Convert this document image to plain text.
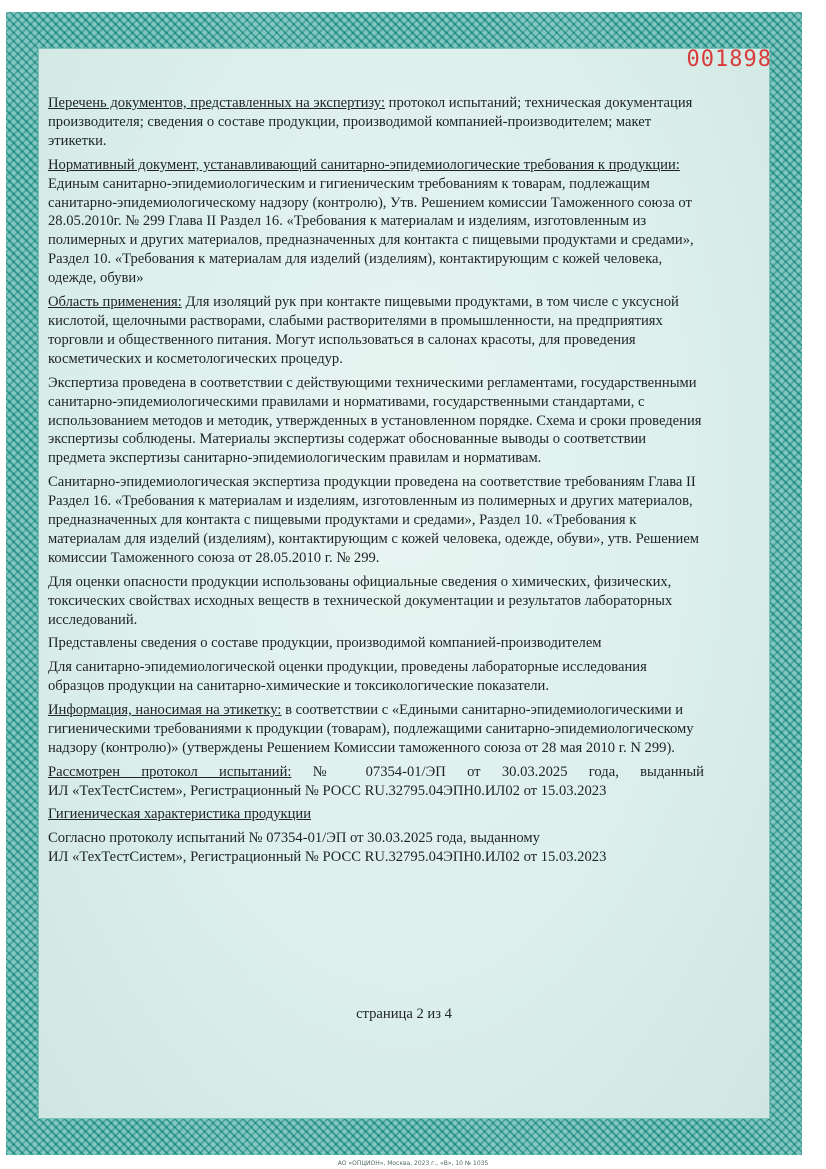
001898

Перечень документов, представленных на экспертизу: протокол испытаний; техническая документация производителя; сведения о составе продукции, производимой компанией-производителем; макет этикетки.

Нормативный документ, устанавливающий санитарно-эпидемиологические требования к продукции: Единым санитарно-эпидемиологическим и гигиеническим требованиям к товарам, подлежащим санитарно-эпидемиологическому надзору (контролю), Утв. Решением комиссии Таможенного союза от 28.05.2010г. № 299 Глава II Раздел 16. «Требования к материалам и изделиям, изготовленным из полимерных и других материалов, предназначенных для контакта с пищевыми продуктами и средами», Раздел 10. «Требования к материалам для изделий (изделиям), контактирующим с кожей человека, одежде, обуви»

Область применения: Для изоляций рук при контакте пищевыми продуктами, в том числе с уксусной кислотой, щелочными растворами, слабыми растворителями в промышленности, на предприятиях торговли и общественного питания. Могут использоваться в салонах красоты, для проведения косметических и косметологических процедур.

Экспертиза проведена в соответствии с действующими техническими регламентами, государственными санитарно-эпидемиологическими правилами и нормативами, государственными стандартами, с использованием методов и методик, утвержденных в установленном порядке. Схема и сроки проведения экспертизы соблюдены. Материалы экспертизы содержат обоснованные выводы о соответствии предмета экспертизы санитарно-эпидемиологическим правилам и нормативам.

Санитарно-эпидемиологическая экспертиза продукции проведена на соответствие требованиям Глава II Раздел 16. «Требования к материалам и изделиям, изготовленным из полимерных и других материалов, предназначенных для контакта с пищевыми продуктами и средами», Раздел 10. «Требования к материалам для изделий (изделиям), контактирующим с кожей человека, одежде, обуви», утв. Решением комиссии Таможенного союза от 28.05.2010 г. № 299.

Для оценки опасности продукции использованы официальные сведения о химических, физических, токсических свойствах исходных веществ в технической документации и результатов лабораторных исследований.

Представлены сведения о составе продукции, производимой компанией-производителем

Для санитарно-эпидемиологической оценки продукции, проведены лабораторные исследования образцов продукции на санитарно-химические и токсикологические показатели.

Информация, наносимая на этикетку: в соответствии с «Едиными санитарно-эпидемиологическими и гигиеническими требованиями к продукции (товарам), подлежащими санитарно-эпидемиологическому надзору (контролю)» (утверждены Решением Комиссии таможенного союза от 28 мая 2010 г. N 299).

Рассмотрен протокол испытаний: № 07354-01/ЭП от 30.03.2025 года, выданный
ИЛ «ТехТестСистем», Регистрационный № РОСС RU.32795.04ЭПН0.ИЛ02 от 15.03.2023

Гигиеническая характеристика продукции
Согласно протоколу испытаний № 07354-01/ЭП от 30.03.2025 года, выданному
ИЛ «ТехТестСистем», Регистрационный № РОСС RU.32795.04ЭПН0.ИЛ02 от 15.03.2023

страница 2 из 4
АО «ОПЦИОН», Москва, 2023 г., «В», 10 № 1035
